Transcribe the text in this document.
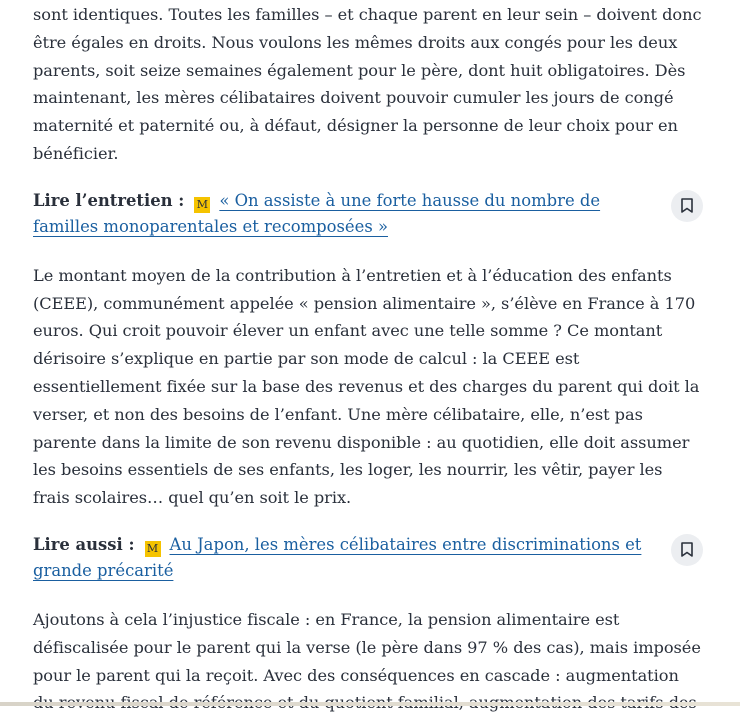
sont identiques. Toutes les familles – et chaque parent en leur sein – doivent donc être égales en droits. Nous voulons les mêmes droits aux congés pour les deux parents, soit seize semaines également pour le père, dont huit obligatoires. Dès maintenant, les mères célibataires doivent pouvoir cumuler les jours de congé maternité et paternité ou, à défaut, désigner la personne de leur choix pour en bénéficier.

Lire l’entretien : M « On assiste à une forte hausse du nombre de familles monoparentales et recomposées »

Le montant moyen de la contribution à l’entretien et à l’éducation des enfants (CEEE), communément appelée « pension alimentaire », s’élève en France à 170 euros. Qui croit pouvoir élever un enfant avec une telle somme ? Ce montant dérisoire s’explique en partie par son mode de calcul : la CEEE est essentiellement fixée sur la base des revenus et des charges du parent qui doit la verser, et non des besoins de l’enfant. Une mère célibataire, elle, n’est pas parente dans la limite de son revenu disponible : au quotidien, elle doit assumer les besoins essentiels de ses enfants, les loger, les nourrir, les vêtir, payer les frais scolaires… quel qu’en soit le prix.

Lire aussi : M Au Japon, les mères célibataires entre discriminations et grande précarité

Ajoutons à cela l’injustice fiscale : en France, la pension alimentaire est défiscalisée pour le parent qui la verse (le père dans 97 % des cas), mais imposée pour le parent qui la reçoit. Avec des conséquences en cascade : augmentation
